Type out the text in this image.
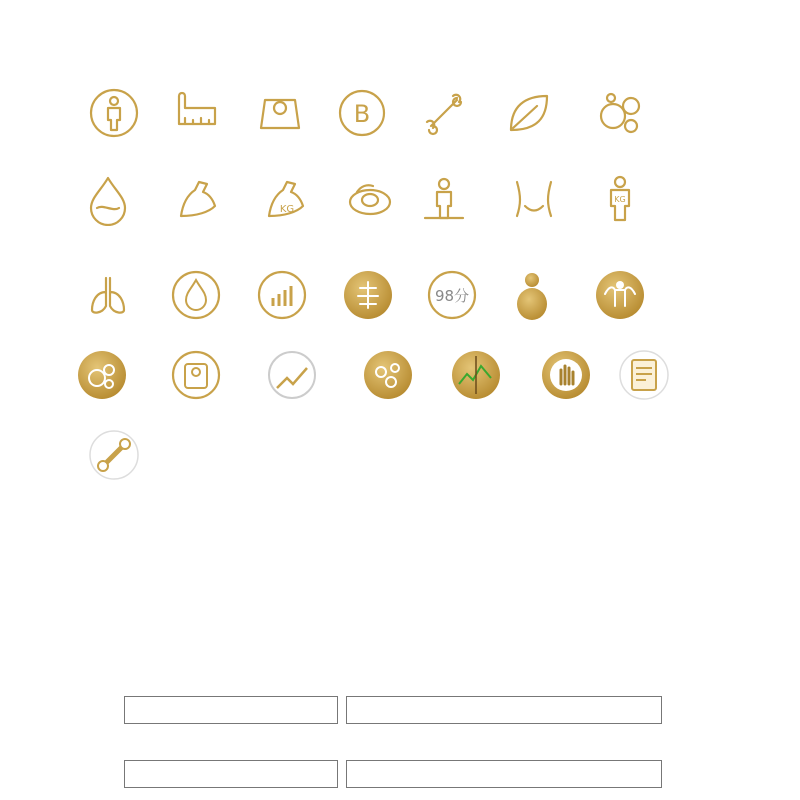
B
KG
KG
98分
